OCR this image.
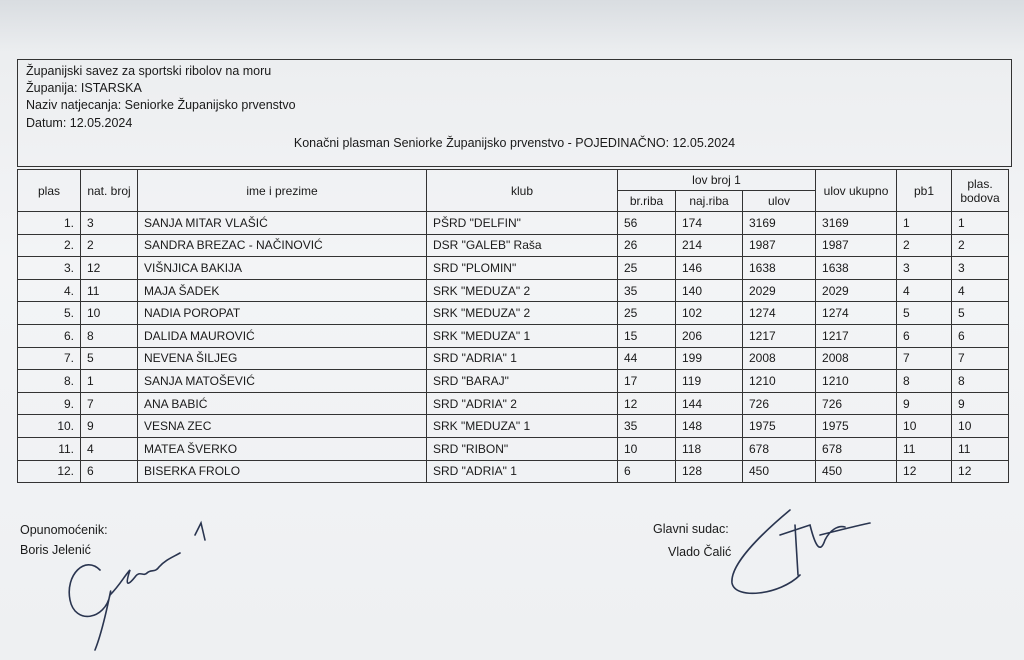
Županijski savez za sportski ribolov na moru
Županija: ISTARSKA
Naziv natjecanja: Seniorke Županijsko prvenstvo
Datum: 12.05.2024
Konačni plasman Seniorke Županijsko prvenstvo - POJEDINAČNO: 12.05.2024
plas	nat. broj	ime i prezime	klub	lov broj 1			ulov ukupno	pb1	plas. bodova
				br.riba	naj.riba	ulov			
1.	3	SANJA MITAR VLAŠIĆ	PŠRD "DELFIN"	56	174	3169	3169	1	1
2.	2	SANDRA BREZAC - NAČINOVIĆ	DSR "GALEB" Raša	26	214	1987	1987	2	2
3.	12	VIŠNJICA BAKIJA	SRD "PLOMIN"	25	146	1638	1638	3	3
4.	11	MAJA ŠADEK	SRK "MEDUZA" 2	35	140	2029	2029	4	4
5.	10	NADIA POROPAT	SRK "MEDUZA" 2	25	102	1274	1274	5	5
6.	8	DALIDA MAUROVIĆ	SRK "MEDUZA" 1	15	206	1217	1217	6	6
7.	5	NEVENA ŠILJEG	SRD "ADRIA" 1	44	199	2008	2008	7	7
8.	1	SANJA MATOŠEVIĆ	SRD "BARAJ"	17	119	1210	1210	8	8
9.	7	ANA BABIĆ	SRD "ADRIA" 2	12	144	726	726	9	9
10.	9	VESNA ZEC	SRK "MEDUZA" 1	35	148	1975	1975	10	10
11.	4	MATEA ŠVERKO	SRD "RIBON"	10	118	678	678	11	11
12.	6	BISERKA FROLO	SRD "ADRIA" 1	6	128	450	450	12	12
Opunomoćenik:
Boris Jelenić
Glavni sudac:
Vlado Čalić
